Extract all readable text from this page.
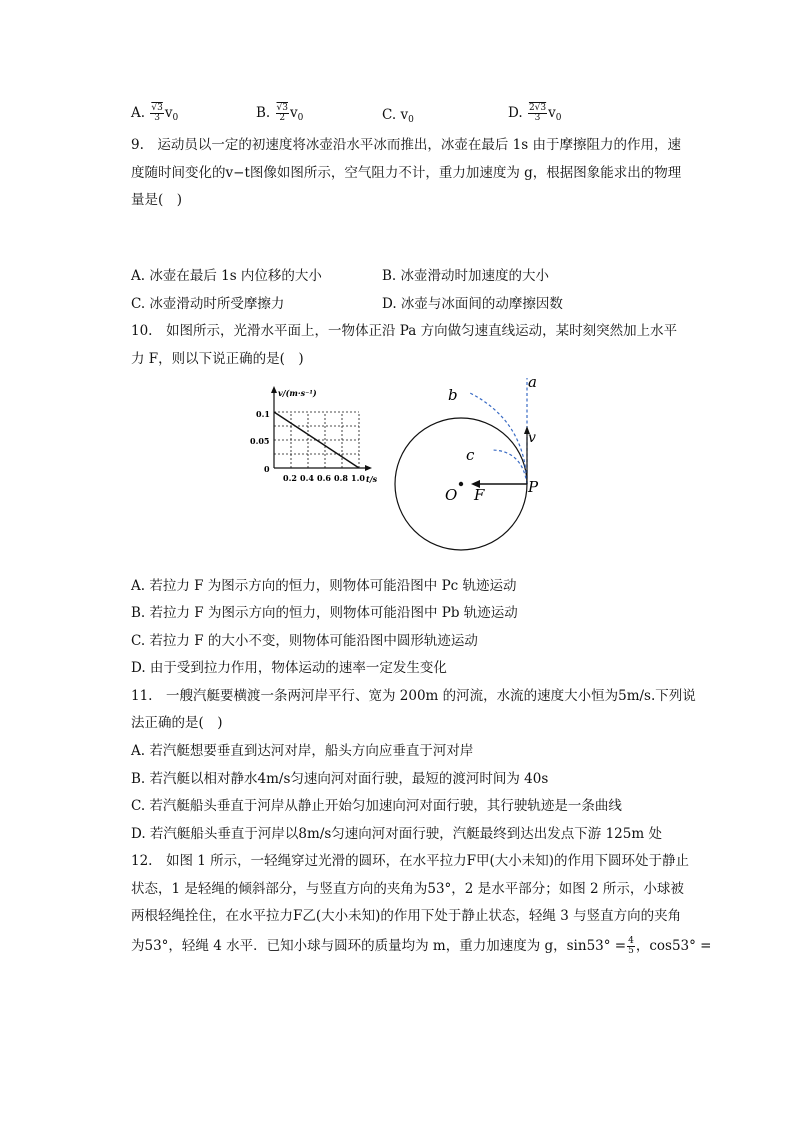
A. $\frac{√3}{3} v_0$	B. $\frac{√3}{2} v_0$	C. $v_0$	D. $\frac{2√3}{3} v_0$
9.　运动员以一定的初速度将冰壶沿水平冰而推出，冰壶在最后 1s 由于摩擦阻力的作用，速
度随时间变化的v−t图像如图所示，空气阻力不计，重力加速度为 g，根据图象能求出的物理
量是(　)
A. 冰壶在最后 1s 内位移的大小	B. 冰壶滑动时加速度的大小
C. 冰壶滑动时所受摩擦力	D. 冰壶与冰面间的动摩擦因数
10.　如图所示，光滑水平面上，一物体正沿 Pa 方向做匀速直线运动，某时刻突然加上水平
力 F，则以下说正确的是(　)
v/(m·s⁻¹)
0.1
0.05
0
0.2 0.4 0.6 0.8 1.0 t/s
a
b
c
v
P
O F
A. 若拉力 F 为图示方向的恒力，则物体可能沿图中 Pc 轨迹运动
B. 若拉力 F 为图示方向的恒力，则物体可能沿图中 Pb 轨迹运动
C. 若拉力 F 的大小不变，则物体可能沿图中圆形轨迹运动
D. 由于受到拉力作用，物体运动的速率一定发生变化
11.　一艘汽艇要横渡一条两河岸平行、宽为 200m 的河流，水流的速度大小恒为5m/s.下列说
法正确的是(　)
A. 若汽艇想要垂直到达河对岸，船头方向应垂直于河对岸
B. 若汽艇以相对静水4m/s匀速向河对面行驶，最短的渡河时间为 40s
C. 若汽艇船头垂直于河岸从静止开始匀加速向河对面行驶，其行驶轨迹是一条曲线
D. 若汽艇船头垂直于河岸以8m/s匀速向河对面行驶，汽艇最终到达出发点下游 125m 处
12.　如图 1 所示，一轻绳穿过光滑的圆环，在水平拉力F甲(大小未知)的作用下圆环处于静止
状态，1 是轻绳的倾斜部分，与竖直方向的夹角为53°，2 是水平部分；如图 2 所示，小球被
两根轻绳拴住，在水平拉力F乙(大小未知)的作用下处于静止状态，轻绳 3 与竖直方向的夹角
为53°，轻绳 4 水平．已知小球与圆环的质量均为 m，重力加速度为 g，$\sin 53^\circ = \frac{4}{5}$ ，cos53° =
